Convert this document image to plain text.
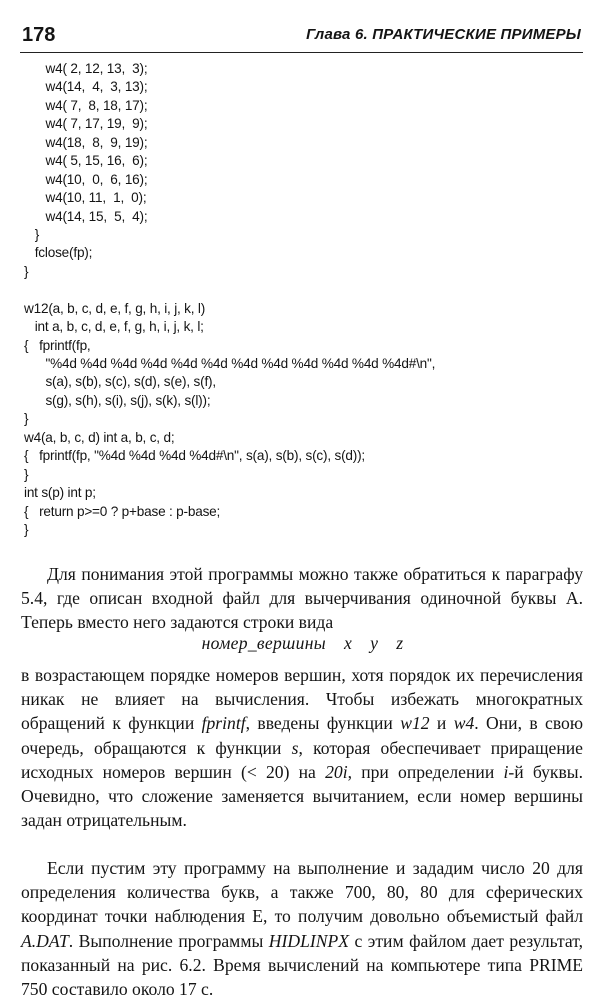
178	Глава 6. ПРАКТИЧЕСКИЕ ПРИМЕРЫ
w4( 2, 12, 13,  3);
w4(14,  4,  3, 13);
w4( 7,  8, 18, 17);
w4( 7, 17, 19,  9);
w4(18,  8,  9, 19);
w4( 5, 15, 16,  6);
w4(10,  0,  6, 16);
w4(10, 11,  1,  0);
w4(14, 15,  5,  4);
}
fclose(fp);
}
w12(a, b, c, d, e, f, g, h, i, j, k, l)
int a, b, c, d, e, f, g, h, i, j, k, l;
{   fprintf(fp,
"%4d %4d %4d %4d %4d %4d %4d %4d %4d %4d %4d %4d#\n",
s(a), s(b), s(c), s(d), s(e), s(f),
s(g), s(h), s(i), s(j), s(k), s(l));
}
w4(a, b, c, d) int a, b, c, d;
{   fprintf(fp, "%4d %4d %4d %4d#\n", s(a), s(b), s(c), s(d));
}
int s(p) int p;
{   return p>=0 ? p+base : p-base;
}

Для понимания этой программы можно также обратиться к параграфу 5.4, где описан входной файл для вычерчивания одиночной буквы A. Теперь вместо него задаются строки вида

номер_вершины x y z

в возрастающем порядке номеров вершин, хотя порядок их перечисления никак не влияет на вычисления. Чтобы избежать многократных обращений к функции fprintf, введены функции w12 и w4. Они, в свою очередь, обращаются к функции s, которая обеспечивает приращение исходных номеров вершин (< 20) на 20i, при определении i-й буквы. Очевидно, что сложение заменяется вычитанием, если номер вершины задан отрицательным.

Если пустим эту программу на выполнение и зададим число 20 для определения количества букв, а также 700, 80, 80 для сферических координат точки наблюдения E, то получим довольно объемистый файл A.DAT. Выполнение программы HIDLINPX с этим файлом дает результат, показанный на рис. 6.2. Время вычислений на компьютере типа PRIME 750 составило около 17 с.
